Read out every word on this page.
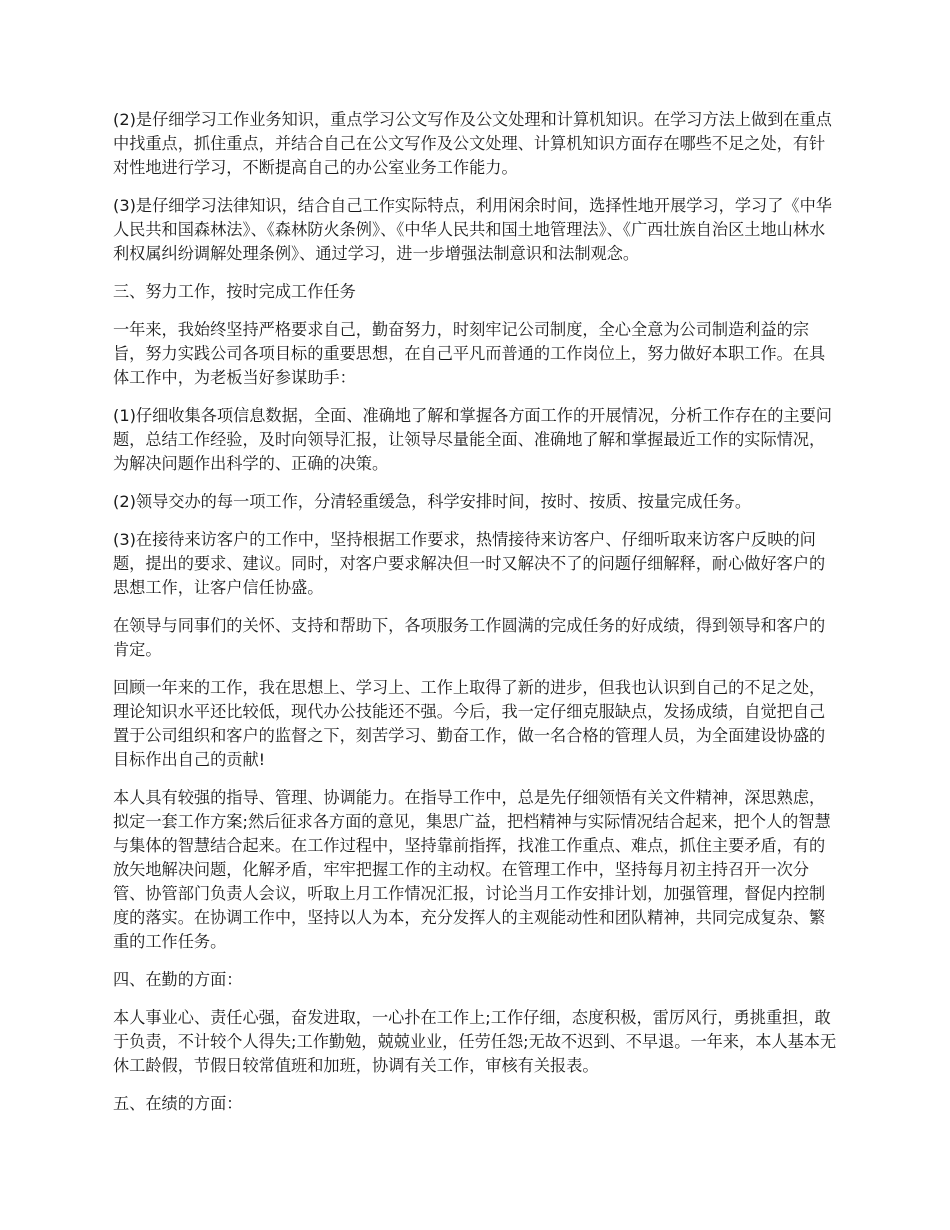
(2)是仔细学习工作业务知识，重点学习公文写作及公文处理和计算机知识。在学习方法上做到在重点中找重点，抓住重点，并结合自己在公文写作及公文处理、计算机知识方面存在哪些不足之处，有针对性地进行学习，不断提高自己的办公室业务工作能力。

(3)是仔细学习法律知识，结合自己工作实际特点，利用闲余时间，选择性地开展学习，学习了《中华人民共和国森林法》、《森林防火条例》、《中华人民共和国土地管理法》、《广西壮族自治区土地山林水利权属纠纷调解处理条例》、通过学习，进一步增强法制意识和法制观念。

三、努力工作，按时完成工作任务

一年来，我始终坚持严格要求自己，勤奋努力，时刻牢记公司制度，全心全意为公司制造利益的宗旨，努力实践公司各项目标的重要思想，在自己平凡而普通的工作岗位上，努力做好本职工作。在具体工作中，为老板当好参谋助手：

(1)仔细收集各项信息数据，全面、准确地了解和掌握各方面工作的开展情况，分析工作存在的主要问题，总结工作经验，及时向领导汇报，让领导尽量能全面、准确地了解和掌握最近工作的实际情况，为解决问题作出科学的、正确的决策。

(2)领导交办的每一项工作，分清轻重缓急，科学安排时间，按时、按质、按量完成任务。

(3)在接待来访客户的工作中，坚持根据工作要求，热情接待来访客户、仔细听取来访客户反映的问题，提出的要求、建议。同时，对客户要求解决但一时又解决不了的问题仔细解释，耐心做好客户的思想工作，让客户信任协盛。

在领导与同事们的关怀、支持和帮助下，各项服务工作圆满的完成任务的好成绩，得到领导和客户的肯定。

回顾一年来的工作，我在思想上、学习上、工作上取得了新的进步，但我也认识到自己的不足之处，理论知识水平还比较低，现代办公技能还不强。今后，我一定仔细克服缺点，发扬成绩，自觉把自己置于公司组织和客户的监督之下，刻苦学习、勤奋工作，做一名合格的管理人员，为全面建设协盛的目标作出自己的贡献!

本人具有较强的指导、管理、协调能力。在指导工作中，总是先仔细领悟有关文件精神，深思熟虑，拟定一套工作方案;然后征求各方面的意见，集思广益，把档精神与实际情况结合起来，把个人的智慧与集体的智慧结合起来。在工作过程中，坚持靠前指挥，找准工作重点、难点，抓住主要矛盾，有的放矢地解决问题，化解矛盾，牢牢把握工作的主动权。在管理工作中，坚持每月初主持召开一次分管、协管部门负责人会议，听取上月工作情况汇报，讨论当月工作安排计划，加强管理，督促内控制度的落实。在协调工作中，坚持以人为本，充分发挥人的主观能动性和团队精神，共同完成复杂、繁重的工作任务。

四、在勤的方面：

本人事业心、责任心强，奋发进取，一心扑在工作上;工作仔细，态度积极，雷厉风行，勇挑重担，敢于负责，不计较个人得失;工作勤勉，兢兢业业，任劳任怨;无故不迟到、不早退。一年来，本人基本无休工龄假，节假日较常值班和加班，协调有关工作，审核有关报表。

五、在绩的方面：
